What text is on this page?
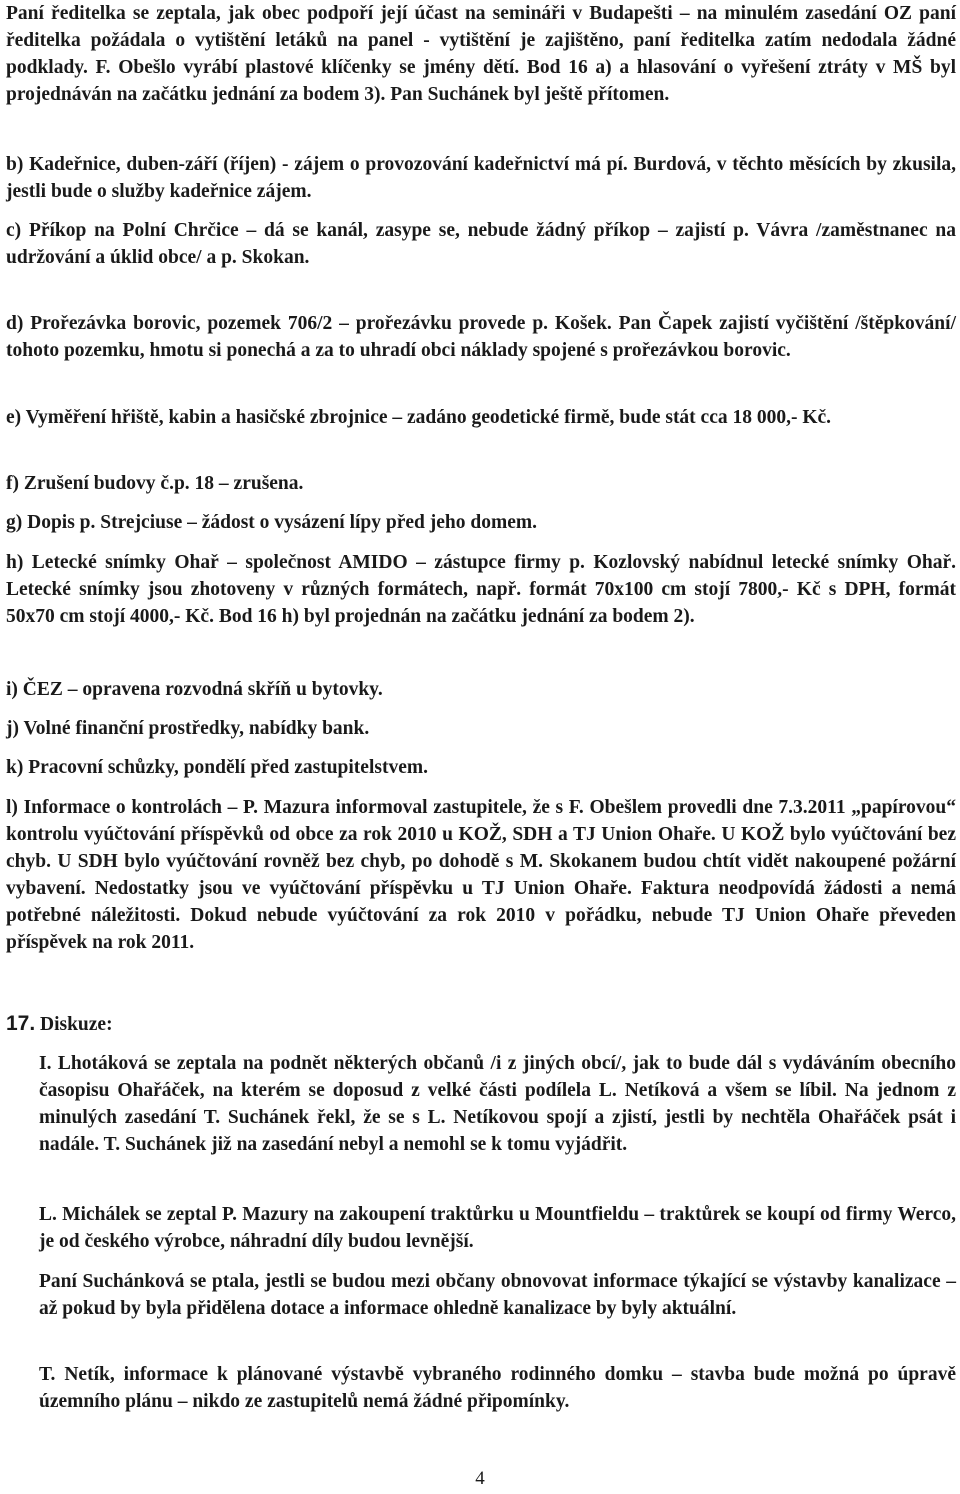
Paní ředitelka se zeptala, jak obec podpoří její účast na semináři v Budapešti – na minulém zasedání OZ paní ředitelka požádala o vytištění letáků na panel - vytištění je zajištěno, paní ředitelka zatím nedodala žádné podklady. F. Obešlo vyrábí plastové klíčenky se jmény dětí. Bod 16 a) a hlasování o vyřešení ztráty v MŠ byl projednáván na začátku jednání za bodem 3). Pan Suchánek byl ještě přítomen.

b) Kadeřnice, duben-září (říjen) - zájem o provozování kadeřnictví má pí. Burdová, v těchto měsících by zkusila, jestli bude o služby kadeřnice zájem.

c) Příkop na Polní Chrčice – dá se kanál, zasype se, nebude žádný příkop – zajistí p. Vávra /zaměstnanec na udržování a úklid obce/ a p. Skokan.

d) Prořezávka borovic, pozemek 706/2 – prořezávku provede p. Košek. Pan Čapek zajistí vyčištění /štěpkování/ tohoto pozemku, hmotu si ponechá a za to uhradí obci náklady spojené s prořezávkou borovic.

e) Vyměření hřiště, kabin a hasičské zbrojnice – zadáno geodetické firmě, bude stát cca 18 000,- Kč.

f) Zrušení budovy č.p. 18 – zrušena.

g) Dopis p. Strejciuse – žádost o vysázení lípy před jeho domem.

h) Letecké snímky Ohař – společnost AMIDO – zástupce firmy p. Kozlovský nabídnul letecké snímky Ohař. Letecké snímky jsou zhotoveny v různých formátech, např. formát 70x100 cm stojí 7800,- Kč s DPH, formát 50x70 cm stojí 4000,- Kč. Bod 16 h) byl projednán na začátku jednání za bodem 2).

i) ČEZ – opravena rozvodná skříň u bytovky.

j) Volné finanční prostředky, nabídky bank.

k) Pracovní schůzky, pondělí před zastupitelstvem.

l) Informace o kontrolách – P. Mazura informoval zastupitele, že s F. Obešlem provedli dne 7.3.2011 „papírovou“ kontrolu vyúčtování příspěvků od obce za rok 2010 u KOŽ, SDH a TJ Union Ohaře. U KOŽ bylo vyúčtování bez chyb. U SDH bylo vyúčtování rovněž bez chyb, po dohodě s M. Skokanem budou chtít vidět nakoupené požární vybavení. Nedostatky jsou ve vyúčtování příspěvku u TJ Union Ohaře. Faktura neodpovídá žádosti a nemá potřebné náležitosti. Dokud nebude vyúčtování za rok 2010 v pořádku, nebude TJ Union Ohaře převeden příspěvek na rok 2011.

17. Diskuze:

I. Lhotáková se zeptala na podnět některých občanů /i z jiných obcí/, jak to bude dál s vydáváním obecního časopisu Ohařáček, na kterém se doposud z velké části podílela L. Netíková a všem se líbil. Na jednom z minulých zasedání T. Suchánek řekl, že se s L. Netíkovou spojí a zjistí, jestli by nechtěla Ohařáček psát i nadále. T. Suchánek již na zasedání nebyl a nemohl se k tomu vyjádřit.

L. Michálek se zeptal P. Mazury na zakoupení traktůrku u Mountfieldu – traktůrek se koupí od firmy Werco, je od českého výrobce, náhradní díly budou levnější.

Paní Suchánková se ptala, jestli se budou mezi občany obnovovat informace týkající se výstavby kanalizace – až pokud by byla přidělena dotace a informace ohledně kanalizace by byly aktuální.

T. Netík, informace k plánované výstavbě vybraného rodinného domku – stavba bude možná po úpravě územního plánu – nikdo ze zastupitelů nemá žádné připomínky.

4
